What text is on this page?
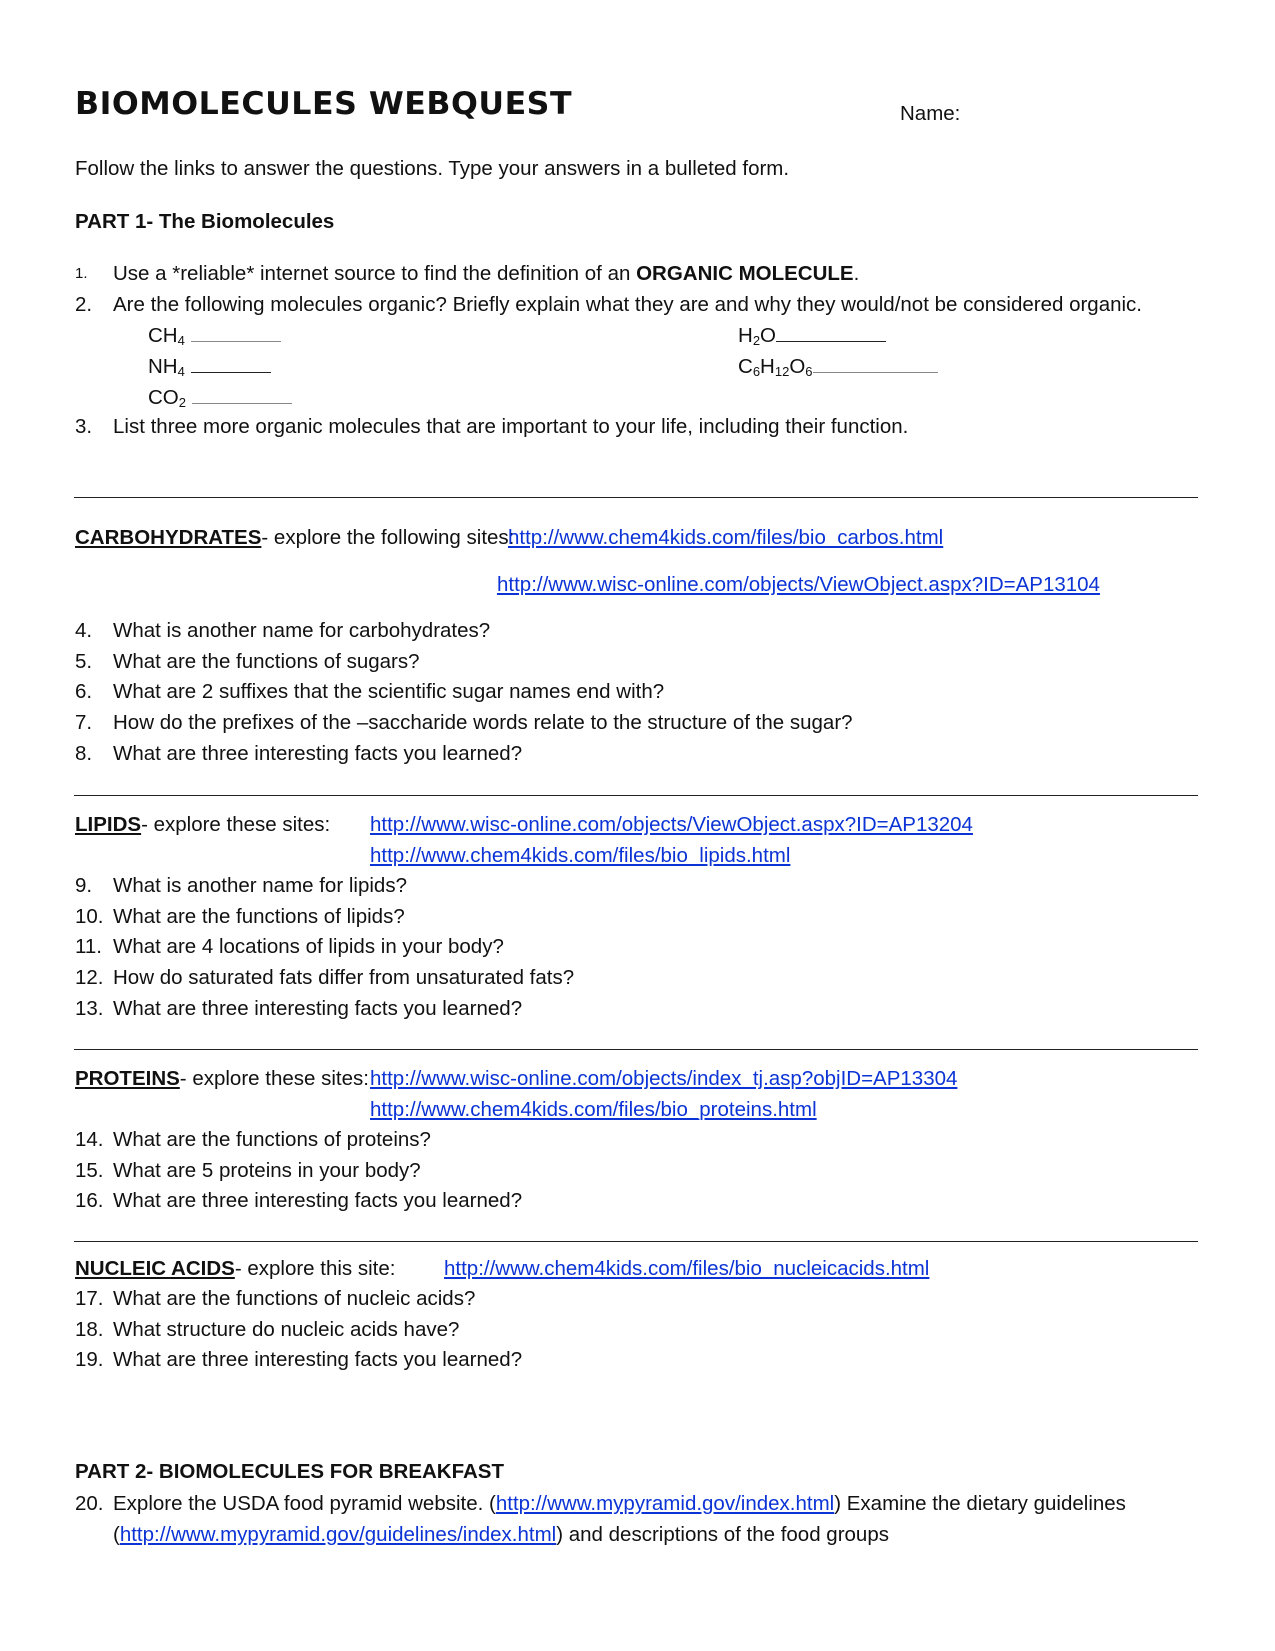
BIOMOLECULES WEBQUEST	Name:
Follow the links to answer the questions. Type your answers in a bulleted form.
PART 1- The Biomolecules
1. Use a *reliable* internet source to find the definition of an ORGANIC MOLECULE.
2. Are the following molecules organic? Briefly explain what they are and why they would/not be considered organic.
$CH_4$	$H_2O$
$NH_4$	$C_6H_{12}O_6$
$CO_2$
3. List three more organic molecules that are important to your life, including their function.
CARBOHYDRATES- explore the following sites:
http://www.chem4kids.com/files/bio_carbos.html
http://www.wisc-online.com/objects/ViewObject.aspx?ID=AP13104
4. What is another name for carbohydrates?
5. What are the functions of sugars?
6. What are 2 suffixes that the scientific sugar names end with?
7. How do the prefixes of the –saccharide words relate to the structure of the sugar?
8. What are three interesting facts you learned?
LIPIDS- explore these sites: http://www.wisc-online.com/objects/ViewObject.aspx?ID=AP13204
http://www.chem4kids.com/files/bio_lipids.html
9. What is another name for lipids?
10. What are the functions of lipids?
11. What are 4 locations of lipids in your body?
12. How do saturated fats differ from unsaturated fats?
13. What are three interesting facts you learned?
PROTEINS- explore these sites: http://www.wisc-online.com/objects/index_tj.asp?objID=AP13304
http://www.chem4kids.com/files/bio_proteins.html
14. What are the functions of proteins?
15. What are 5 proteins in your body?
16. What are three interesting facts you learned?
NUCLEIC ACIDS- explore this site: http://www.chem4kids.com/files/bio_nucleicacids.html
17. What are the functions of nucleic acids?
18. What structure do nucleic acids have?
19. What are three interesting facts you learned?
PART 2- BIOMOLECULES FOR BREAKFAST
20. Explore the USDA food pyramid website. (http://www.mypyramid.gov/index.html) Examine the dietary guidelines
(http://www.mypyramid.gov/guidelines/index.html) and descriptions of the food groups
